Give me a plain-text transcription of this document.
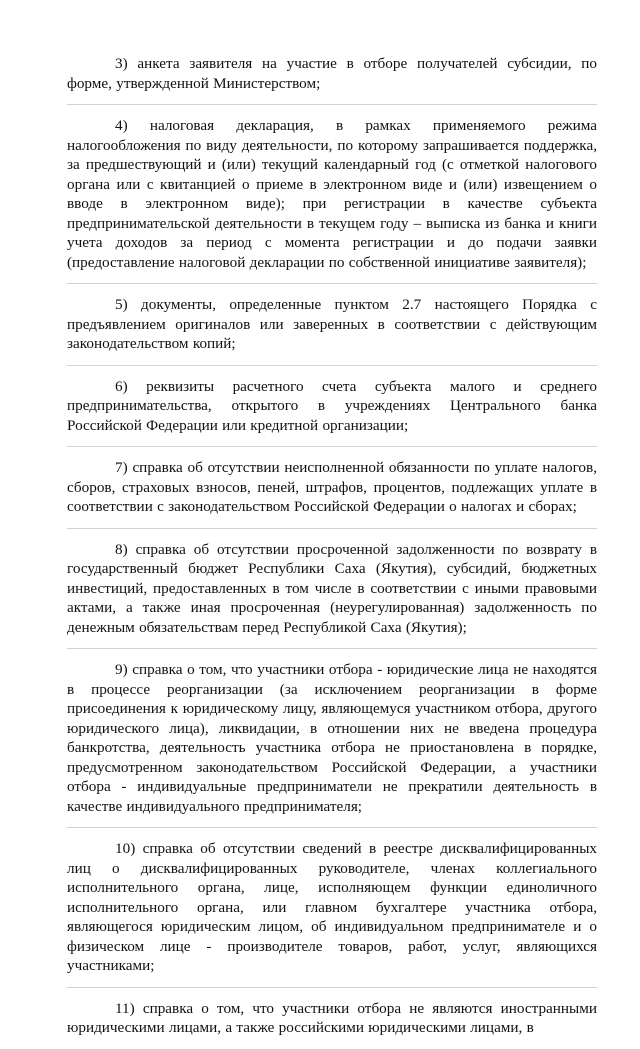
3) анкета заявителя на участие в отборе получателей субсидии, по форме, утвержденной Министерством;

4) налоговая декларация, в рамках применяемого режима налогообложения по виду деятельности, по которому запрашивается поддержка, за предшествующий и (или) текущий календарный год (с отметкой налогового органа или с квитанцией о приеме в электронном виде и (или) извещением о вводе в электронном виде); при регистрации в качестве субъекта предпринимательской деятельности в текущем году – выписка из банка и книги учета доходов за период с момента регистрации и до подачи заявки (предоставление налоговой декларации по собственной инициативе заявителя);

5) документы, определенные пунктом 2.7 настоящего Порядка с предъявлением оригиналов или заверенных в соответствии с действующим законодательством копий;

6) реквизиты расчетного счета субъекта малого и среднего предпринимательства, открытого в учреждениях Центрального банка Российской Федерации или кредитной организации;

7) справка об отсутствии неисполненной обязанности по уплате налогов, сборов, страховых взносов, пеней, штрафов, процентов, подлежащих уплате в соответствии с законодательством Российской Федерации о налогах и сборах;

8) справка об отсутствии просроченной задолженности по возврату в государственный бюджет Республики Саха (Якутия), субсидий, бюджетных инвестиций, предоставленных в том числе в соответствии с иными правовыми актами, а также иная просроченная (неурегулированная) задолженность по денежным обязательствам перед Республикой Саха (Якутия);

9) справка о том, что участники отбора - юридические лица не находятся в процессе реорганизации (за исключением реорганизации в форме присоединения к юридическому лицу, являющемуся участником отбора, другого юридического лица), ликвидации, в отношении них не введена процедура банкротства, деятельность участника отбора не приостановлена в порядке, предусмотренном законодательством Российской Федерации, а участники отбора - индивидуальные предприниматели не прекратили деятельность в качестве индивидуального предпринимателя;

10) справка об отсутствии сведений в реестре дисквалифицированных лиц о дисквалифицированных руководителе, членах коллегиального исполнительного органа, лице, исполняющем функции единоличного исполнительного органа, или главном бухгалтере участника отбора, являющегося юридическим лицом, об индивидуальном предпринимателе и о физическом лице - производителе товаров, работ, услуг, являющихся участниками;

11) справка о том, что участники отбора не являются иностранными юридическими лицами, а также российскими юридическими лицами, в
